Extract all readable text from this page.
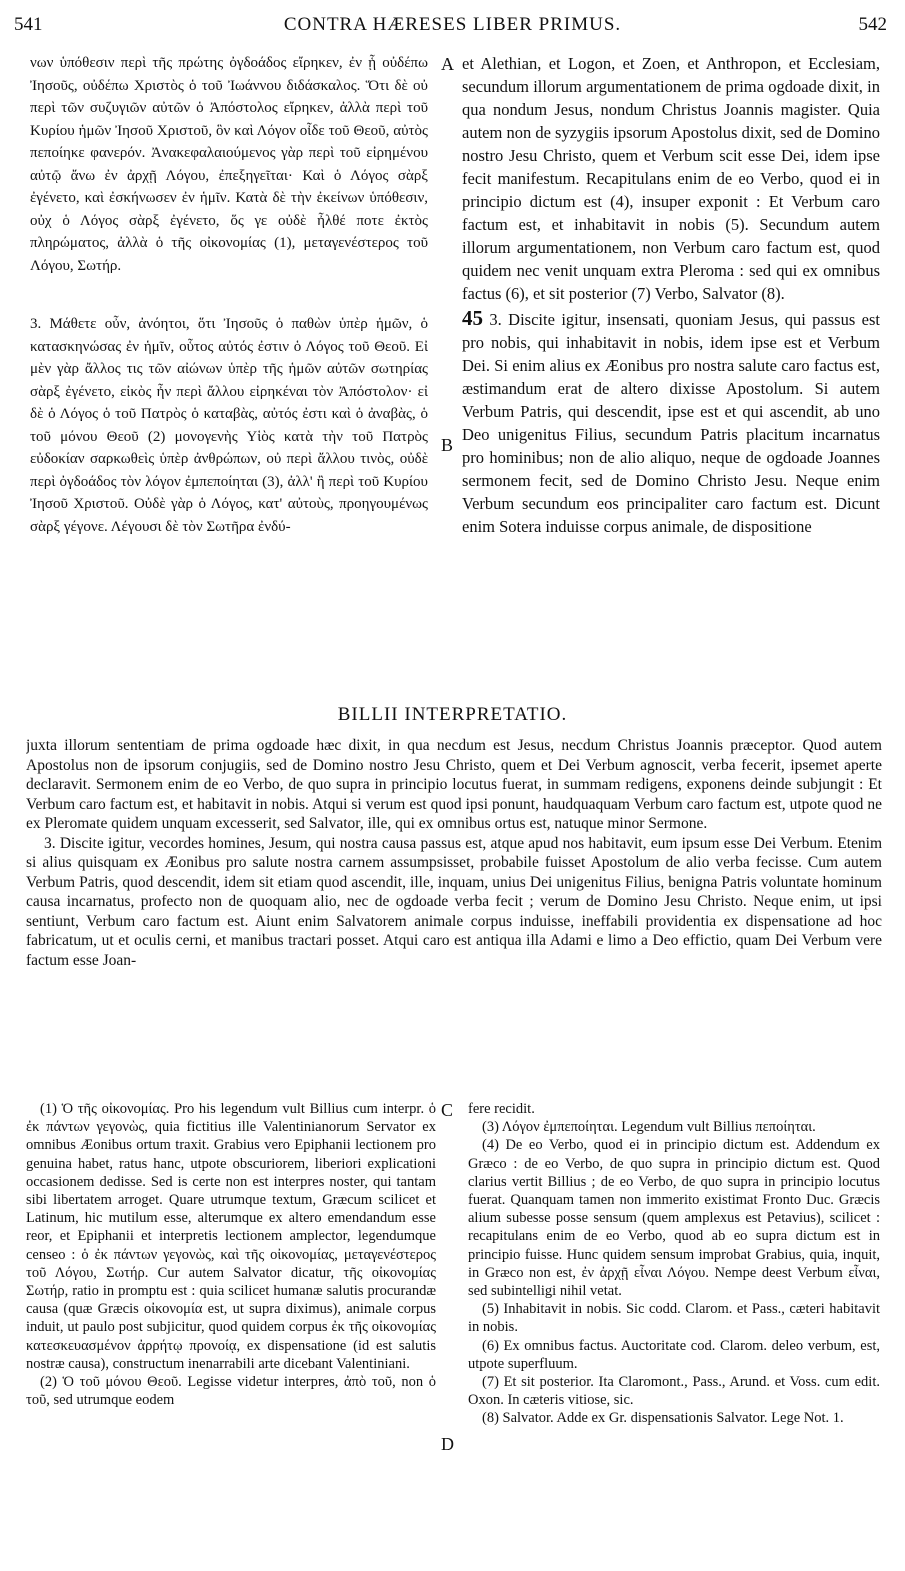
541	CONTRA HÆRESES LIBER PRIMUS.	542

νων ὑπόθεσιν περὶ τῆς πρώτης ὀγδοάδος εἴρηκεν, ἐν ᾗ οὐδέπω Ἰησοῦς, οὐδέπω Χριστὸς ὁ τοῦ Ἰωάννου διδάσκαλος. Ὅτι δὲ οὐ περὶ τῶν συζυγιῶν αὐτῶν ὁ Ἀπόστολος εἴρηκεν, ἀλλὰ περὶ τοῦ Κυρίου ἡμῶν Ἰησοῦ Χριστοῦ, ὃν καὶ Λόγον οἶδε τοῦ Θεοῦ, αὐτὸς πεποίηκε φανερόν. Ἀνακεφαλαιούμενος γὰρ περὶ τοῦ εἰρημένου αὐτῷ ἄνω ἐν ἀρχῇ Λόγου, ἐπεξηγεῖται· Καὶ ὁ Λόγος σὰρξ ἐγένετο, καὶ ἐσκήνωσεν ἐν ἡμῖν. Κατὰ δὲ τὴν ἐκείνων ὑπόθεσιν, οὐχ ὁ Λόγος σὰρξ ἐγένετο, ὅς γε οὐδὲ ἦλθέ ποτε ἐκτὸς πληρώματος, ἀλλὰ ὁ τῆς οἰκονομίας (1), μεταγενέστερος τοῦ Λόγου, Σωτήρ.

3. Μάθετε οὖν, ἀνόητοι, ὅτι Ἰησοῦς ὁ παθὼν ὑπὲρ ἡμῶν, ὁ κατασκηνώσας ἐν ἡμῖν, οὗτος αὐτός ἐστιν ὁ Λόγος τοῦ Θεοῦ. Εἰ μὲν γὰρ ἄλλος τις τῶν αἰώνων ὑπὲρ τῆς ἡμῶν αὐτῶν σωτηρίας σὰρξ ἐγένετο, εἰκὸς ἦν περὶ ἄλλου εἰρηκέναι τὸν Ἀπόστολον· εἰ δὲ ὁ Λόγος ὁ τοῦ Πατρὸς ὁ καταβὰς, αὐτός ἐστι καὶ ὁ ἀναβὰς, ὁ τοῦ μόνου Θεοῦ (2) μονογενὴς Υἱὸς κατὰ τὴν τοῦ Πατρὸς εὐδοκίαν σαρκωθεὶς ὑπὲρ ἀνθρώπων, οὐ περὶ ἄλλου τινὸς, οὐδὲ περὶ ὀγδοάδος τὸν λόγον ἐμπεποίηται (3), ἀλλ' ἢ περὶ τοῦ Κυρίου Ἰησοῦ Χριστοῦ. Οὐδὲ γὰρ ὁ Λόγος, κατ' αὐτοὺς, προηγουμένως σὰρξ γέγονε. Λέγουσι δὲ τὸν Σωτῆρα ἐνδύ-

A
B
C
D

et Alethian, et Logon, et Zoen, et Anthropon, et Ecclesiam, secundum illorum argumentationem de prima ogdoade dixit, in qua nondum Jesus, nondum Christus Joannis magister. Quia autem non de syzygiis ipsorum Apostolus dixit, sed de Domino nostro Jesu Christo, quem et Verbum scit esse Dei, idem ipse fecit manifestum. Recapitulans enim de eo Verbo, quod ei in principio dictum est (4), insuper exponit : Et Verbum caro factum est, et inhabitavit in nobis (5). Secundum autem illorum argumentationem, non Verbum caro factum est, quod quidem nec venit unquam extra Pleroma : sed qui ex omnibus factus (6), et sit posterior (7) Verbo, Salvator (8).

45 3. Discite igitur, insensati, quoniam Jesus, qui passus est pro nobis, qui inhabitavit in nobis, idem ipse est et Verbum Dei. Si enim alius ex Æonibus pro nostra salute caro factus est, æstimandum erat de altero dixisse Apostolum. Si autem Verbum Patris, qui descendit, ipse est et qui ascendit, ab uno Deo unigenitus Filius, secundum Patris placitum incarnatus pro hominibus; non de alio aliquo, neque de ogdoade Joannes sermonem fecit, sed de Domino Christo Jesu. Neque enim Verbum secundum eos principaliter caro factum est. Dicunt enim Sotera induisse corpus animale, de dispositione

BILLII INTERPRETATIO.

juxta illorum sententiam de prima ogdoade hæc dixit, in qua necdum est Jesus, necdum Christus Joannis præceptor. Quod autem Apostolus non de ipsorum conjugiis, sed de Domino nostro Jesu Christo, quem et Dei Verbum agnoscit, verba fecerit, ipsemet aperte declaravit. Sermonem enim de eo Verbo, de quo supra in principio locutus fuerat, in summam redigens, exponens deinde subjungit : Et Verbum caro factum est, et habitavit in nobis. Atqui si verum est quod ipsi ponunt, haudquaquam Verbum caro factum est, utpote quod ne ex Pleromate quidem unquam excesserit, sed Salvator, ille, qui ex omnibus ortus est, natuque minor Sermone.

3. Discite igitur, vecordes homines, Jesum, qui nostra causa passus est, atque apud nos habitavit, eum ipsum esse Dei Verbum. Etenim si alius quisquam ex Æonibus pro salute nostra carnem assumpsisset, probabile fuisset Apostolum de alio verba fecisse. Cum autem Verbum Patris, quod descendit, idem sit etiam quod ascendit, ille, inquam, unius Dei unigenitus Filius, benigna Patris voluntate hominum causa incarnatus, profecto non de quoquam alio, nec de ogdoade verba fecit ; verum de Domino Jesu Christo. Neque enim, ut ipsi sentiunt, Verbum caro factum est. Aiunt enim Salvatorem animale corpus induisse, ineffabili providentia ex dispensatione ad hoc fabricatum, ut et oculis cerni, et manibus tractari posset. Atqui caro est antiqua illa Adami e limo a Deo effictio, quam Dei Verbum vere factum esse Joan-

(1) Ὁ τῆς οἰκονομίας. Pro his legendum vult Billius cum interpr. ὁ ἐκ πάντων γεγονὼς, quia fictitius ille Valentinianorum Servator ex omnibus Æonibus ortum traxit. Grabius vero Epiphanii lectionem pro genuina habet, ratus hanc, utpote obscuriorem, liberiori explicationi occasionem dedisse. Sed is certe non est interpres noster, qui tantam sibi libertatem arroget. Quare utrumque textum, Græcum scilicet et Latinum, hic mutilum esse, alterumque ex altero emendandum esse reor, et Epiphanii et interpretis lectionem amplector, legendumque censeo : ὁ ἐκ πάντων γεγονὼς, καὶ τῆς οἰκονομίας, μεταγενέστερος τοῦ Λόγου, Σωτήρ. Cur autem Salvator dicatur, τῆς οἰκονομίας Σωτήρ, ratio in promptu est : quia scilicet humanæ salutis procurandæ causa (quæ Græcis οἰκονομία est, ut supra diximus), animale corpus induit, ut paulo post subjicitur, quod quidem corpus ἐκ τῆς οἰκονομίας κατεσκευασμένον ἀρρήτῳ προνοίᾳ, ex dispensatione (id est salutis nostræ causa), constructum inenarrabili arte dicebant Valentiniani.

(2) Ὁ τοῦ μόνου Θεοῦ. Legisse videtur interpres, ἀπὸ τοῦ, non ὁ τοῦ, sed utrumque eodem

fere recidit.

(3) Λόγον ἐμπεποίηται. Legendum vult Billius πεποίηται.

(4) De eo Verbo, quod ei in principio dictum est. Addendum ex Græco : de eo Verbo, de quo supra in principio dictum est. Quod clarius vertit Billius ; de eo Verbo, de quo supra in principio locutus fuerat. Quanquam tamen non immerito existimat Fronto Duc. Græcis alium subesse posse sensum (quem amplexus est Petavius), scilicet : recapitulans enim de eo Verbo, quod ab eo supra dictum est in principio fuisse. Hunc quidem sensum improbat Grabius, quia, inquit, in Græco non est, ἐν ἀρχῇ εἶναι Λόγου. Nempe deest Verbum εἶναι, sed subintelligi nihil vetat.

(5) Inhabitavit in nobis. Sic codd. Clarom. et Pass., cæteri habitavit in nobis.

(6) Ex omnibus factus. Auctoritate cod. Clarom. deleo verbum, est, utpote superfluum.

(7) Et sit posterior. Ita Claromont., Pass., Arund. et Voss. cum edit. Oxon. In cæteris vitiose, sic.

(8) Salvator. Adde ex Gr. dispensationis Salvator. Lege Not. 1.
